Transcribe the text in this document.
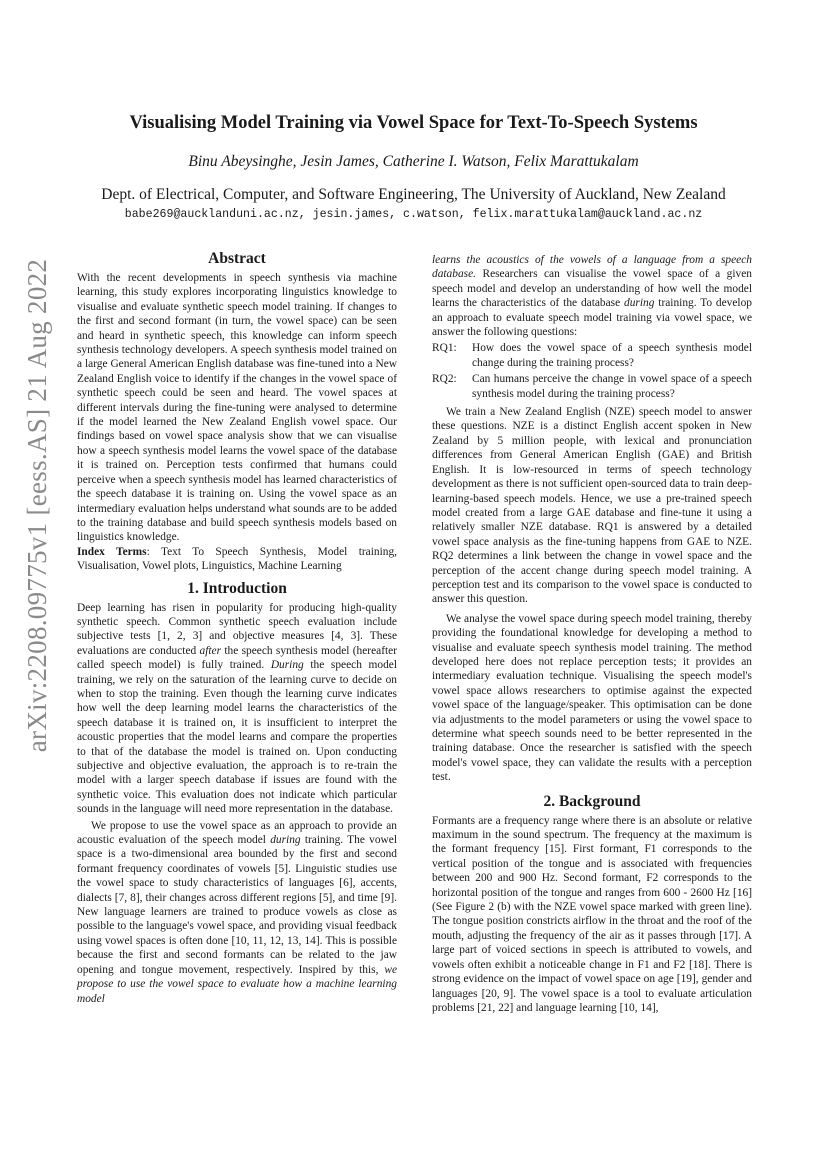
arXiv:2208.09775v1 [eess.AS] 21 Aug 2022
Visualising Model Training via Vowel Space for Text-To-Speech Systems

Binu Abeysinghe, Jesin James, Catherine I. Watson, Felix Marattukalam

Dept. of Electrical, Computer, and Software Engineering, The University of Auckland, New Zealand

babe269@aucklanduni.ac.nz, jesin.james, c.watson, felix.marattukalam@auckland.ac.nz

Abstract

With the recent developments in speech synthesis via machine learning, this study explores incorporating linguistics knowledge to visualise and evaluate synthetic speech model training. If changes to the first and second formant (in turn, the vowel space) can be seen and heard in synthetic speech, this knowledge can inform speech synthesis technology developers. A speech synthesis model trained on a large General American English database was fine-tuned into a New Zealand English voice to identify if the changes in the vowel space of synthetic speech could be seen and heard. The vowel spaces at different intervals during the fine-tuning were analysed to determine if the model learned the New Zealand English vowel space. Our findings based on vowel space analysis show that we can visualise how a speech synthesis model learns the vowel space of the database it is trained on. Perception tests confirmed that humans could perceive when a speech synthesis model has learned characteristics of the speech database it is training on. Using the vowel space as an intermediary evaluation helps understand what sounds are to be added to the training database and build speech synthesis models based on linguistics knowledge.

Index Terms: Text To Speech Synthesis, Model training, Visualisation, Vowel plots, Linguistics, Machine Learning

1. Introduction

Deep learning has risen in popularity for producing high-quality synthetic speech. Common synthetic speech evaluation include subjective tests [1, 2, 3] and objective measures [4, 3]. These evaluations are conducted after the speech synthesis model (hereafter called speech model) is fully trained. During the speech model training, we rely on the saturation of the learning curve to decide on when to stop the training. Even though the learning curve indicates how well the deep learning model learns the characteristics of the speech database it is trained on, it is insufficient to interpret the acoustic properties that the model learns and compare the properties to that of the database the model is trained on. Upon conducting subjective and objective evaluation, the approach is to re-train the model with a larger speech database if issues are found with the synthetic voice. This evaluation does not indicate which particular sounds in the language will need more representation in the database.

We propose to use the vowel space as an approach to provide an acoustic evaluation of the speech model during training. The vowel space is a two-dimensional area bounded by the first and second formant frequency coordinates of vowels [5]. Linguistic studies use the vowel space to study characteristics of languages [6], accents, dialects [7, 8], their changes across different regions [5], and time [9]. New language learners are trained to produce vowels as close as possible to the language's vowel space, and providing visual feedback using vowel spaces is often done [10, 11, 12, 13, 14]. This is possible because the first and second formants can be related to the jaw opening and tongue movement, respectively. Inspired by this, we propose to use the vowel space to evaluate how a machine learning model

learns the acoustics of the vowels of a language from a speech database. Researchers can visualise the vowel space of a given speech model and develop an understanding of how well the model learns the characteristics of the database during training. To develop an approach to evaluate speech model training via vowel space, we answer the following questions:

RQ1:	How does the vowel space of a speech synthesis model change during the training process?
RQ2:	Can humans perceive the change in vowel space of a speech synthesis model during the training process?

We train a New Zealand English (NZE) speech model to answer these questions. NZE is a distinct English accent spoken in New Zealand by 5 million people, with lexical and pronunciation differences from General American English (GAE) and British English. It is low-resourced in terms of speech technology development as there is not sufficient open-sourced data to train deep-learning-based speech models. Hence, we use a pre-trained speech model created from a large GAE database and fine-tune it using a relatively smaller NZE database. RQ1 is answered by a detailed vowel space analysis as the fine-tuning happens from GAE to NZE. RQ2 determines a link between the change in vowel space and the perception of the accent change during speech model training. A perception test and its comparison to the vowel space is conducted to answer this question.

We analyse the vowel space during speech model training, thereby providing the foundational knowledge for developing a method to visualise and evaluate speech synthesis model training. The method developed here does not replace perception tests; it provides an intermediary evaluation technique. Visualising the speech model's vowel space allows researchers to optimise against the expected vowel space of the language/speaker. This optimisation can be done via adjustments to the model parameters or using the vowel space to determine what speech sounds need to be better represented in the training database. Once the researcher is satisfied with the speech model's vowel space, they can validate the results with a perception test.

2. Background

Formants are a frequency range where there is an absolute or relative maximum in the sound spectrum. The frequency at the maximum is the formant frequency [15]. First formant, F1 corresponds to the vertical position of the tongue and is associated with frequencies between 200 and 900 Hz. Second formant, F2 corresponds to the horizontal position of the tongue and ranges from 600 - 2600 Hz [16] (See Figure 2 (b) with the NZE vowel space marked with green line). The tongue position constricts airflow in the throat and the roof of the mouth, adjusting the frequency of the air as it passes through [17]. A large part of voiced sections in speech is attributed to vowels, and vowels often exhibit a noticeable change in F1 and F2 [18]. There is strong evidence on the impact of vowel space on age [19], gender and languages [20, 9]. The vowel space is a tool to evaluate articulation problems [21, 22] and language learning [10, 14],
